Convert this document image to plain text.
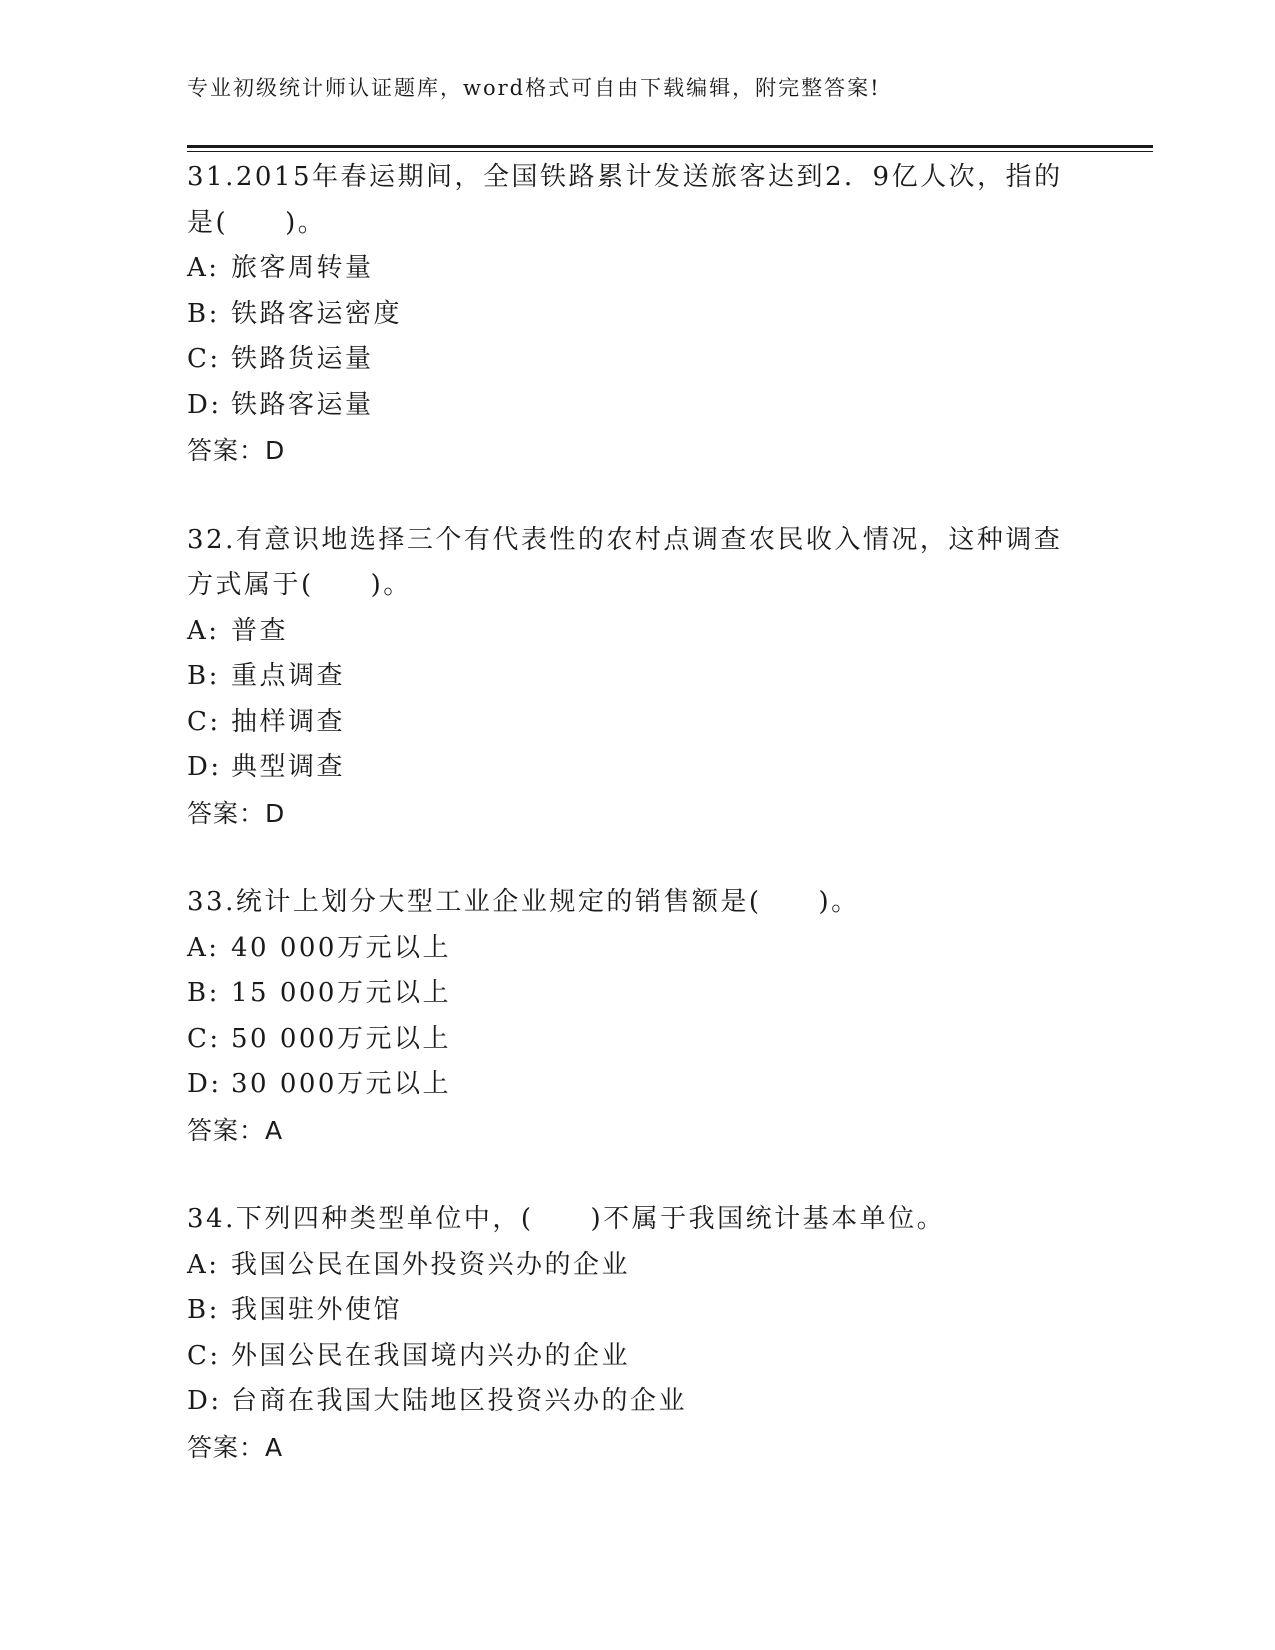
专业初级统计师认证题库，word格式可自由下载编辑，附完整答案!
31.2015年春运期间，全国铁路累计发送旅客达到2．9亿人次，指的
是(　　)。
A: 旅客周转量
B: 铁路客运密度
C: 铁路货运量
D: 铁路客运量
答案：D
32.有意识地选择三个有代表性的农村点调查农民收入情况，这种调查
方式属于(　　)。
A: 普查
B: 重点调查
C: 抽样调查
D: 典型调查
答案：D
33.统计上划分大型工业企业规定的销售额是(　　)。
A: 40 000万元以上
B: 15 000万元以上
C: 50 000万元以上
D: 30 000万元以上
答案：A
34.下列四种类型单位中，(　　)不属于我国统计基本单位。
A: 我国公民在国外投资兴办的企业
B: 我国驻外使馆
C: 外国公民在我国境内兴办的企业
D: 台商在我国大陆地区投资兴办的企业
答案：A
